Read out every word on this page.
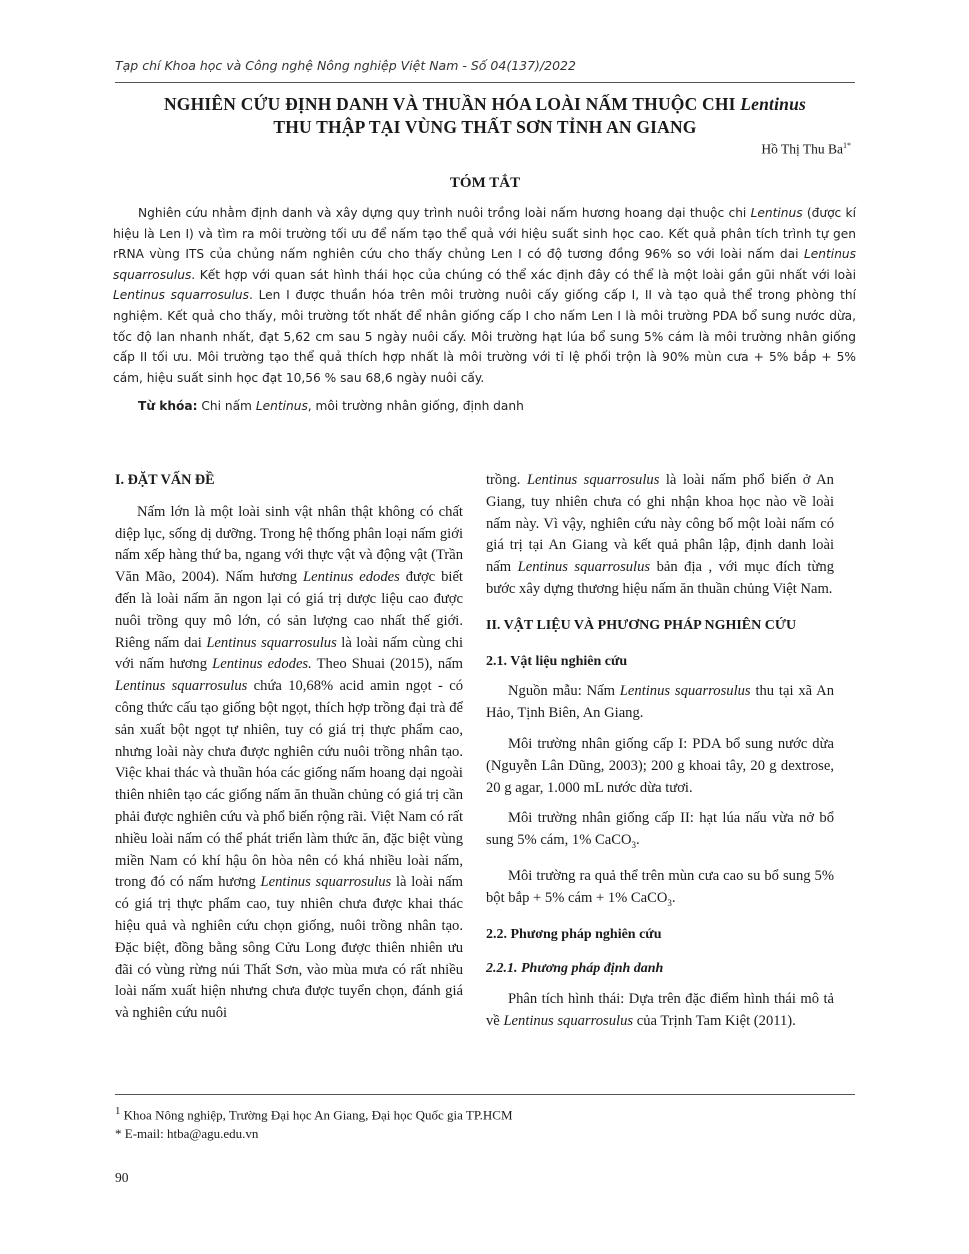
Tạp chí Khoa học và Công nghệ Nông nghiệp Việt Nam - Số 04(137)/2022
NGHIÊN CỨU ĐỊNH DANH VÀ THUẦN HÓA LOÀI NẤM THUỘC CHI Lentinus
THU THẬP TẠI VÙNG THẤT SƠN TỈNH AN GIANG
Hồ Thị Thu $Ba^{1*}$
TÓM TẮT

Nghiên cứu nhằm định danh và xây dựng quy trình nuôi trồng loài nấm hương hoang dại thuộc chi Lentinus (được kí hiệu là Len I) và tìm ra môi trường tối ưu để nấm tạo thể quả với hiệu suất sinh học cao. Kết quả phân tích trình tự gen rRNA vùng ITS của chủng nấm nghiên cứu cho thấy chủng Len I có độ tương đồng 96% so với loài nấm dai Lentinus squarrosulus. Kết hợp với quan sát hình thái học của chúng có thể xác định đây có thể là một loài gần gũi nhất với loài Lentinus squarrosulus. Len I được thuần hóa trên môi trường nuôi cấy giống cấp I, II và tạo quả thể trong phòng thí nghiệm. Kết quả cho thấy, môi trường tốt nhất để nhân giống cấp I cho nấm Len I là môi trường PDA bổ sung nước dừa, tốc độ lan nhanh nhất, đạt 5,62 cm sau 5 ngày nuôi cấy. Môi trường hạt lúa bổ sung 5% cám là môi trường nhân giống cấp II tối ưu. Môi trường tạo thể quả thích hợp nhất là môi trường với tỉ lệ phối trộn là 90% mùn cưa + 5% bắp + 5% cám, hiệu suất sinh học đạt 10,56 % sau 68,6 ngày nuôi cấy.

Từ khóa: Chi nấm Lentinus, môi trường nhân giống, định danh

I. ĐẶT VẤN ĐỀ

Nấm lớn là một loài sinh vật nhân thật không có chất diệp lục, sống dị dưỡng. Trong hệ thống phân loại nấm giới nấm xếp hàng thứ ba, ngang với thực vật và động vật (Trần Văn Mão, 2004). Nấm hương Lentinus edodes được biết đến là loài nấm ăn ngon lại có giá trị dược liệu cao được nuôi trồng quy mô lớn, có sản lượng cao nhất thế giới. Riêng nấm dai Lentinus squarrosulus là loài nấm cùng chi với nấm hương Lentinus edodes. Theo Shuai (2015), nấm Lentinus squarrosulus chứa 10,68% acid amin ngọt - có công thức cấu tạo giống bột ngọt, thích hợp trồng đại trà để sản xuất bột ngọt tự nhiên, tuy có giá trị thực phẩm cao, nhưng loài này chưa được nghiên cứu nuôi trồng nhân tạo. Việc khai thác và thuần hóa các giống nấm hoang dại ngoài thiên nhiên tạo các giống nấm ăn thuần chủng có giá trị cần phải được nghiên cứu và phổ biến rộng rãi. Việt Nam có rất nhiều loài nấm có thể phát triển làm thức ăn, đặc biệt vùng miền Nam có khí hậu ôn hòa nên có khá nhiều loài nấm, trong đó có nấm hương Lentinus squarrosulus là loài nấm có giá trị thực phẩm cao, tuy nhiên chưa được khai thác hiệu quả và nghiên cứu chọn giống, nuôi trồng nhân tạo. Đặc biệt, đồng bằng sông Cửu Long được thiên nhiên ưu đãi có vùng rừng núi Thất Sơn, vào mùa mưa có rất nhiều loài nấm xuất hiện nhưng chưa được tuyển chọn, đánh giá và nghiên cứu nuôi

trồng. Lentinus squarrosulus là loài nấm phổ biến ở An Giang, tuy nhiên chưa có ghi nhận khoa học nào về loài nấm này. Vì vậy, nghiên cứu này công bố một loài nấm có giá trị tại An Giang và kết quả phân lập, định danh loài nấm Lentinus squarrosulus bản địa , với mục đích từng bước xây dựng thương hiệu nấm ăn thuần chủng Việt Nam.

II. VẬT LIỆU VÀ PHƯƠNG PHÁP NGHIÊN CỨU

2.1. Vật liệu nghiên cứu

Nguồn mẫu: Nấm Lentinus squarrosulus thu tại xã An Hảo, Tịnh Biên, An Giang.

Môi trường nhân giống cấp I: PDA bổ sung nước dừa (Nguyễn Lân Dũng, 2003); 200 g khoai tây, 20 g dextrose, 20 g agar, 1.000 mL nước dừa tươi.

Môi trường nhân giống cấp II: hạt lúa nấu vừa nở bổ sung 5% cám, 1% CaCO$_3$.

Môi trường ra quả thể trên mùn cưa cao su bổ sung 5% bột bắp + 5% cám + 1% CaCO$_3$.

2.2. Phương pháp nghiên cứu

2.2.1. Phương pháp định danh

Phân tích hình thái: Dựa trên đặc điểm hình thái mô tả về Lentinus squarrosulus của Trịnh Tam Kiệt (2011).

$^1$ Khoa Nông nghiệp, Trường Đại học An Giang, Đại học Quốc gia TP.HCM
* E-mail: htba@agu.edu.vn
90
